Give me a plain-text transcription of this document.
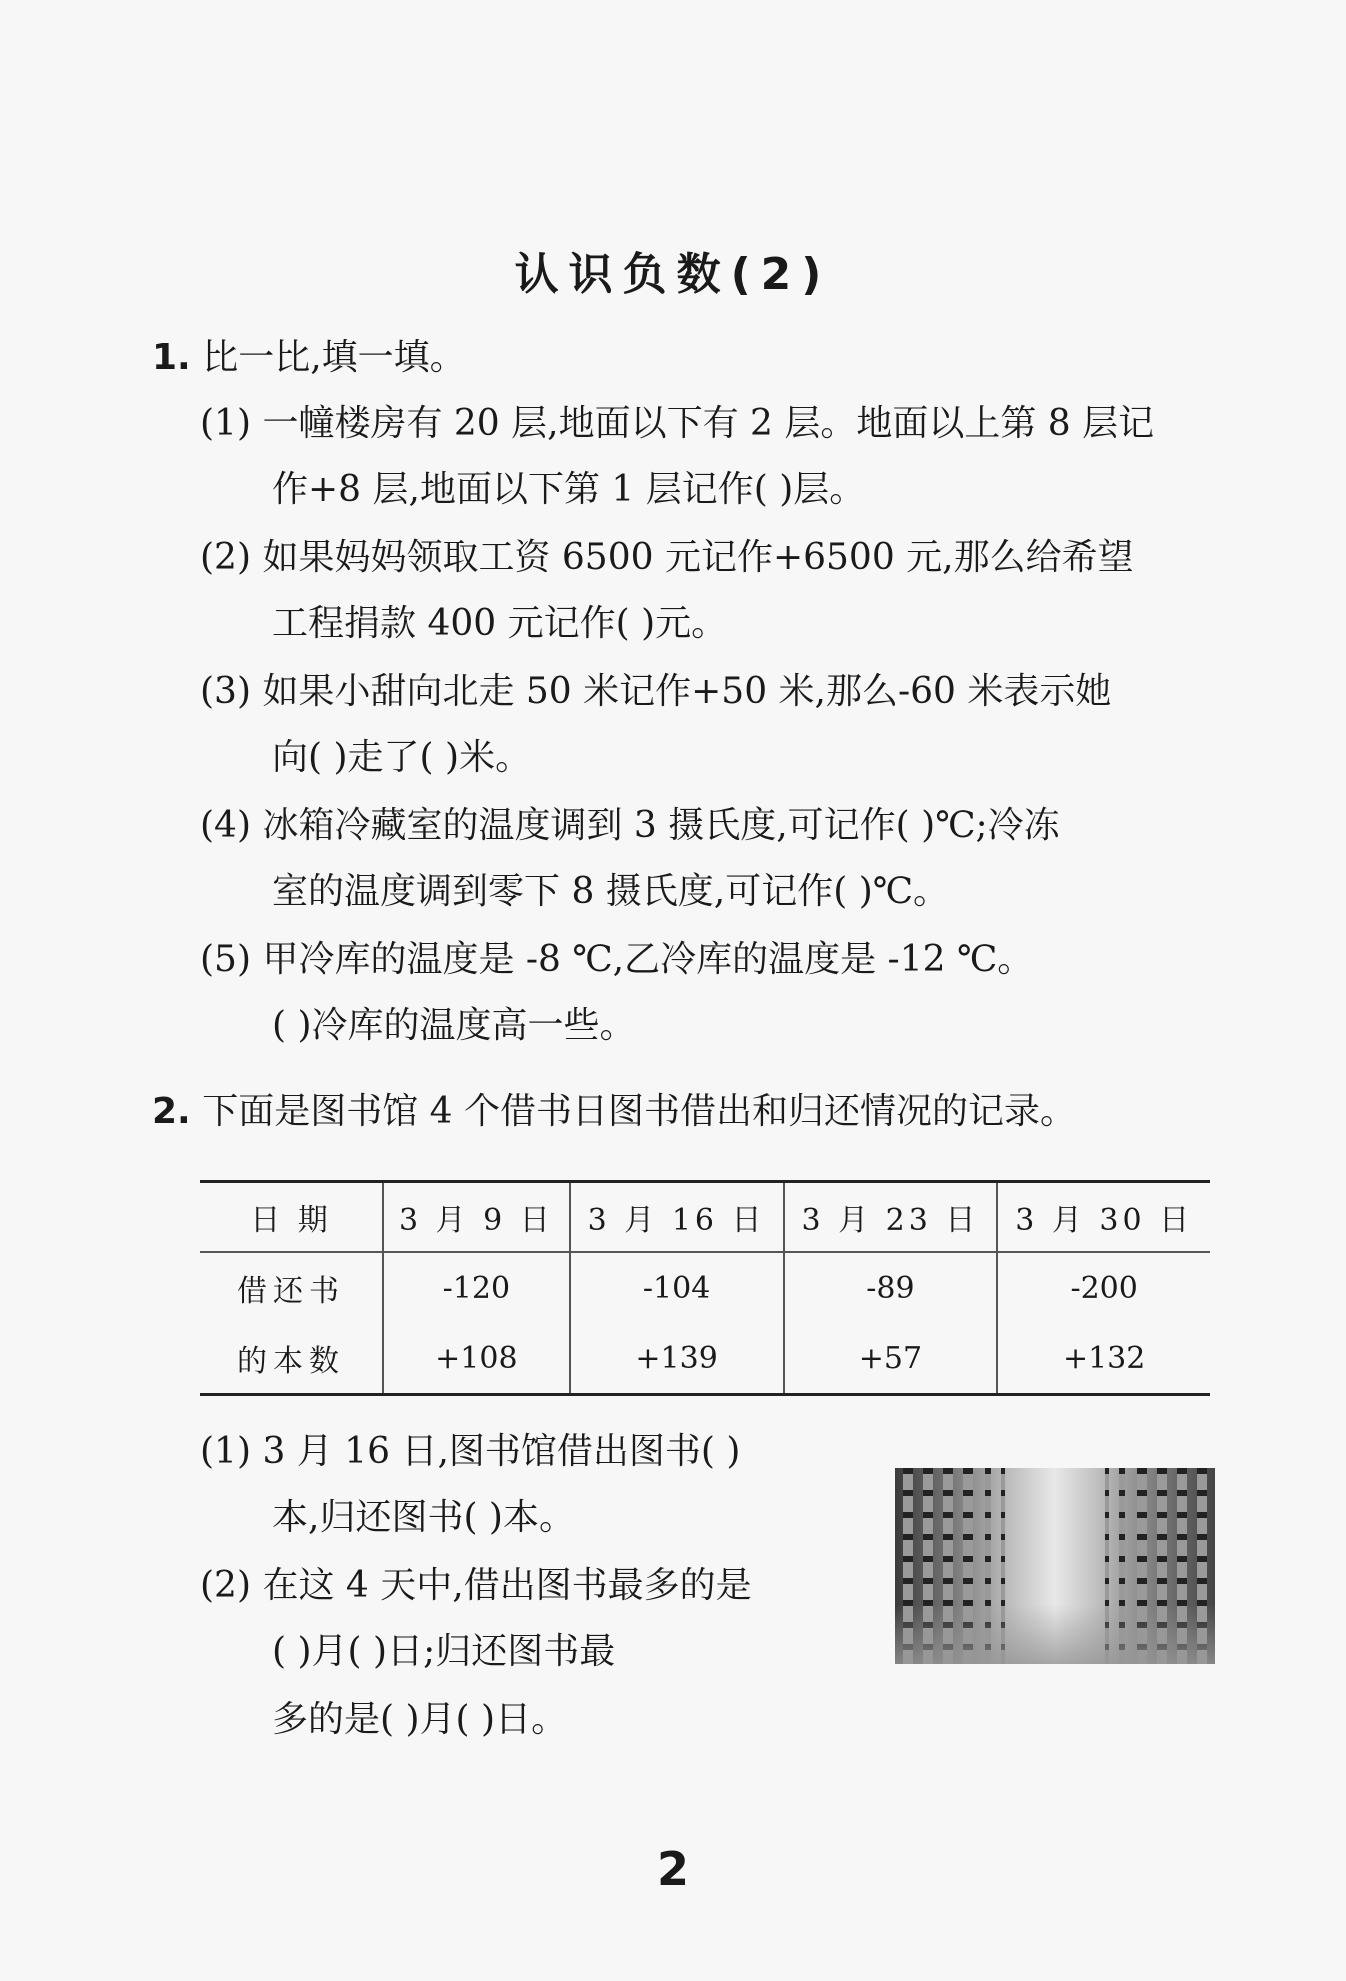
认识负数(2)
1. 比一比,填一填。
(1) 一幢楼房有 20 层,地面以下有 2 层。地面以上第 8 层记
作+8 层,地面以下第 1 层记作( )层。
(2) 如果妈妈领取工资 6500 元记作+6500 元,那么给希望
工程捐款 400 元记作( )元。
(3) 如果小甜向北走 50 米记作+50 米,那么-60 米表示她
向( )走了( )米。
(4) 冰箱冷藏室的温度调到 3 摄氏度,可记作( )℃;冷冻
室的温度调到零下 8 摄氏度,可记作( )℃。
(5) 甲冷库的温度是 -8 ℃,乙冷库的温度是 -12 ℃。
( )冷库的温度高一些。
2. 下面是图书馆 4 个借书日图书借出和归还情况的记录。
日 期	3 月 9 日	3 月 16 日	3 月 23 日	3 月 30 日
借还书	-120	-104	-89	-200
的本数	+108	+139	+57	+132
(1) 3 月 16 日,图书馆借出图书( )
本,归还图书( )本。
(2) 在这 4 天中,借出图书最多的是
( )月( )日;归还图书最
多的是( )月( )日。
2
